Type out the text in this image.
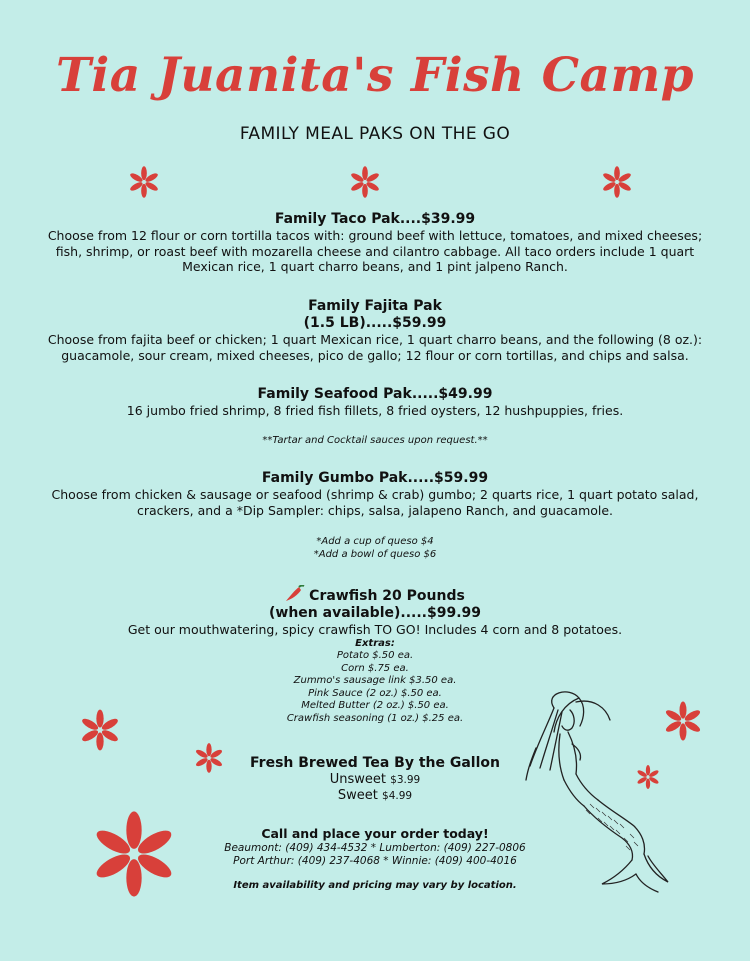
Tia Juanita's Fish Camp
FAMILY MEAL PAKS ON THE GO
Family Taco Pak....$39.99
Choose from 12 flour or corn tortilla tacos with: ground beef with lettuce, tomatoes, and mixed cheeses;
fish, shrimp, or roast beef with mozarella cheese and cilantro cabbage. All taco orders include 1 quart
Mexican rice, 1 quart charro beans, and 1 pint jalpeno Ranch.
Family Fajita Pak
(1.5 LB).....$59.99
Choose from fajita beef or chicken; 1 quart Mexican rice, 1 quart charro beans, and the following (8 oz.):
guacamole, sour cream, mixed cheeses, pico de gallo; 12 flour or corn tortillas, and chips and salsa.
Family Seafood Pak.....$49.99
16 jumbo fried shrimp, 8 fried fish fillets, 8 fried oysters, 12 hushpuppies, fries.
**Tartar and Cocktail sauces upon request.**
Family Gumbo Pak.....$59.99
Choose from chicken & sausage or seafood (shrimp & crab) gumbo; 2 quarts rice, 1 quart potato salad,
crackers, and a *Dip Sampler: chips, salsa, jalapeno Ranch, and guacamole.
*Add a cup of queso $4
*Add a bowl of queso $6
Crawfish 20 Pounds
(when available).....$99.99
Get our mouthwatering, spicy crawfish TO GO! Includes 4 corn and 8 potatoes.
Extras:
Potato $.50 ea.
Corn $.75 ea.
Zummo's sausage link $3.50 ea.
Pink Sauce (2 oz.) $.50 ea.
Melted Butter (2 oz.) $.50 ea.
Crawfish seasoning (1 oz.) $.25 ea.
Fresh Brewed Tea By the Gallon
Unsweet $3.99
Sweet $4.99
Call and place your order today!
Beaumont: (409) 434-4532 * Lumberton: (409) 227-0806
Port Arthur: (409) 237-4068 * Winnie: (409) 400-4016
Item availability and pricing may vary by location.
